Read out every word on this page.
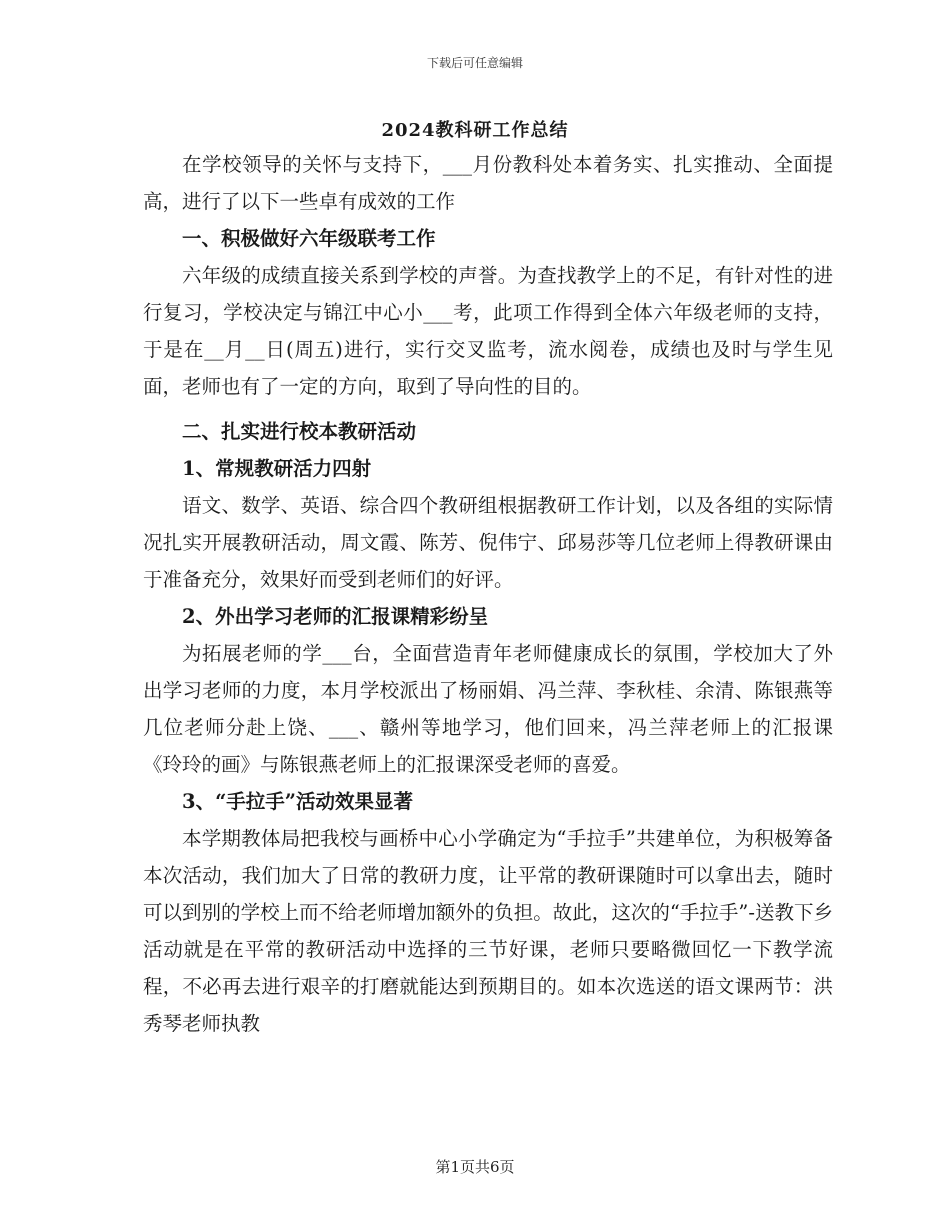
下载后可任意编辑
2024教科研工作总结

在学校领导的关怀与支持下，___月份教科处本着务实、扎实推动、全面提高，进行了以下一些卓有成效的工作

一、积极做好六年级联考工作

六年级的成绩直接关系到学校的声誉。为查找教学上的不足，有针对性的进行复习，学校决定与锦江中心小___考，此项工作得到全体六年级老师的支持，于是在__月__日(周五)进行，实行交叉监考，流水阅卷，成绩也及时与学生见面，老师也有了一定的方向，取到了导向性的目的。

二、扎实进行校本教研活动

1、常规教研活力四射

语文、数学、英语、综合四个教研组根据教研工作计划，以及各组的实际情况扎实开展教研活动，周文霞、陈芳、倪伟宁、邱易莎等几位老师上得教研课由于准备充分，效果好而受到老师们的好评。

2、外出学习老师的汇报课精彩纷呈

为拓展老师的学___台，全面营造青年老师健康成长的氛围，学校加大了外出学习老师的力度，本月学校派出了杨丽娟、冯兰萍、李秋桂、余清、陈银燕等几位老师分赴上饶、___、赣州等地学习，他们回来，冯兰萍老师上的汇报课《玲玲的画》与陈银燕老师上的汇报课深受老师的喜爱。

3、“手拉手”活动效果显著

本学期教体局把我校与画桥中心小学确定为“手拉手”共建单位，为积极筹备本次活动，我们加大了日常的教研力度，让平常的教研课随时可以拿出去，随时可以到别的学校上而不给老师增加额外的负担。故此，这次的“手拉手”-送教下乡活动就是在平常的教研活动中选择的三节好课，老师只要略微回忆一下教学流程，不必再去进行艰辛的打磨就能达到预期目的。如本次选送的语文课两节：洪秀琴老师执教

第1页共6页
